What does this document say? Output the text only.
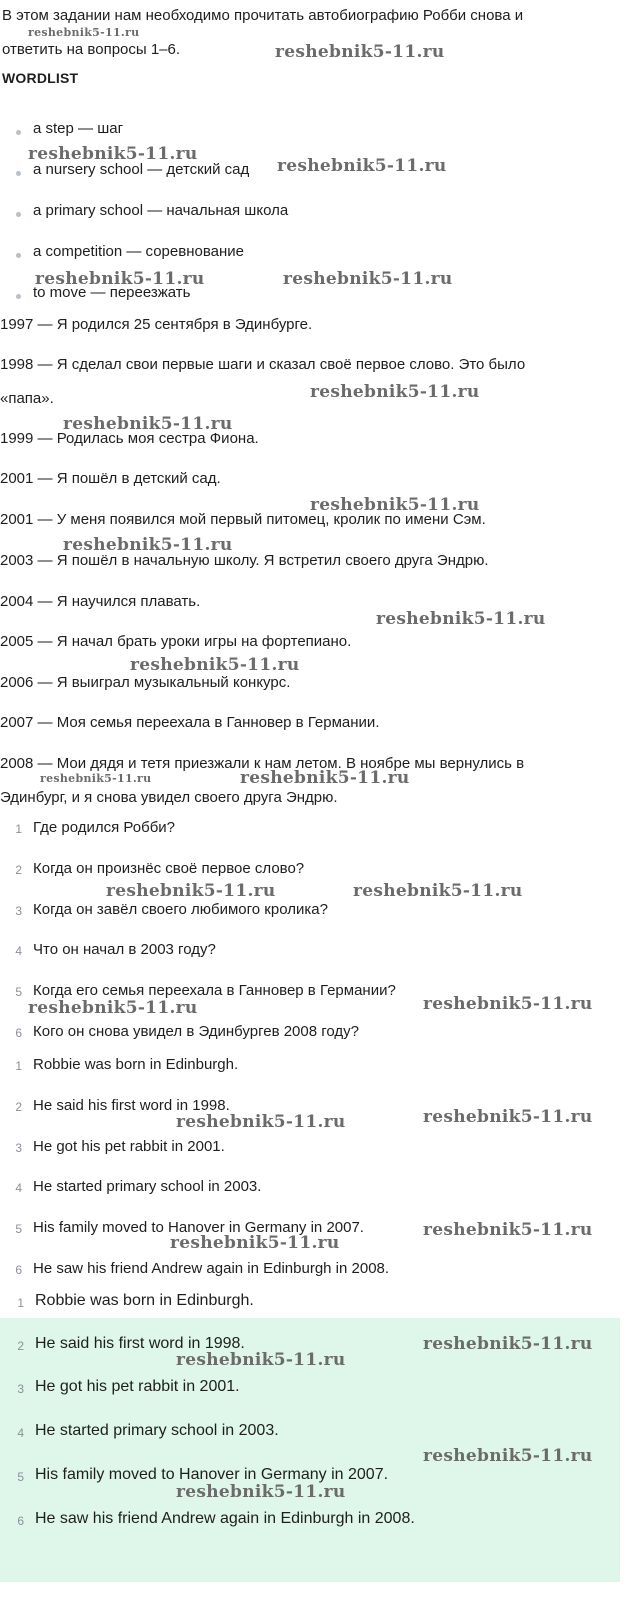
В этом задании нам необходимо прочитать автобиографию Робби снова и
ответить на вопросы 1–6.
WORDLIST
a step — шаг
a nursery school — детский сад
a primary school — начальная школа
a competition — соревнование
to move — переезжать
1997 — Я родился 25 сентября в Эдинбурге.
1998 — Я сделал свои первые шаги и сказал своё первое слово. Это было
«папа».
1999 — Родилась моя сестра Фиона.
2001 — Я пошёл в детский сад.
2001 — У меня появился мой первый питомец, кролик по имени Сэм.
2003 — Я пошёл в начальную школу. Я встретил своего друга Эндрю.
2004 — Я научился плавать.
2005 — Я начал брать уроки игры на фортепиано.
2006 — Я выиграл музыкальный конкурс.
2007 — Моя семья переехала в Ганновер в Германии.
2008 — Мои дядя и тетя приезжали к нам летом. В ноябре мы вернулись в
Эдинбург, и я снова увидел своего друга Эндрю.
1 Где родился Робби?
2 Когда он произнёс своё первое слово?
3 Когда он завёл своего любимого кролика?
4 Что он начал в 2003 году?
5 Когда его семья переехала в Ганновер в Германии?
6 Кого он снова увидел в Эдинбургев 2008 году?
1 Robbie was born in Edinburgh.
2 He said his first word in 1998.
3 He got his pet rabbit in 2001.
4 He started primary school in 2003.
5 His family moved to Hanover in Germany in 2007.
6 He saw his friend Andrew again in Edinburgh in 2008.
1 Robbie was born in Edinburgh.
2 He said his first word in 1998.
3 He got his pet rabbit in 2001.
4 He started primary school in 2003.
5 His family moved to Hanover in Germany in 2007.
6 He saw his friend Andrew again in Edinburgh in 2008.
reshebnik5-11.ru
reshebnik5-11.ru
reshebnik5-11.ru
reshebnik5-11.ru
reshebnik5-11.ru	reshebnik5-11.ru
reshebnik5-11.ru
reshebnik5-11.ru
reshebnik5-11.ru
reshebnik5-11.ru
reshebnik5-11.ru
reshebnik5-11.ru
reshebnik5-11.ru	reshebnik5-11.ru
reshebnik5-11.ru	reshebnik5-11.ru
reshebnik5-11.ru	reshebnik5-11.ru
reshebnik5-11.ru	reshebnik5-11.ru
reshebnik5-11.ru
reshebnik5-11.ru
reshebnik5-11.ru
reshebnik5-11.ru
reshebnik5-11.ru
reshebnik5-11.ru
